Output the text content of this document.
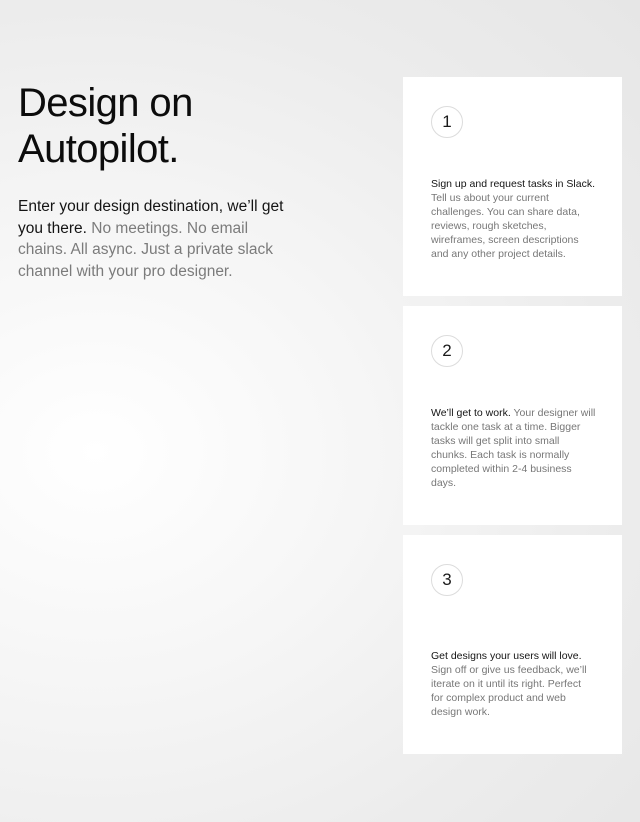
Design on
Autopilot.

Enter your design destination, we’ll get you there. No meetings. No email chains. All async. Just a private slack channel with your pro designer.

1

Sign up and request tasks in Slack. Tell us about your current challenges. You can share data, reviews, rough sketches, wireframes, screen descriptions and any other project details.

2

We’ll get to work. Your designer will tackle one task at a time. Bigger tasks will get split into small chunks. Each task is normally completed within 2-4 business days.

3

Get designs your users will love. Sign off or give us feedback, we’ll iterate on it until its right. Perfect for complex product and web design work.
